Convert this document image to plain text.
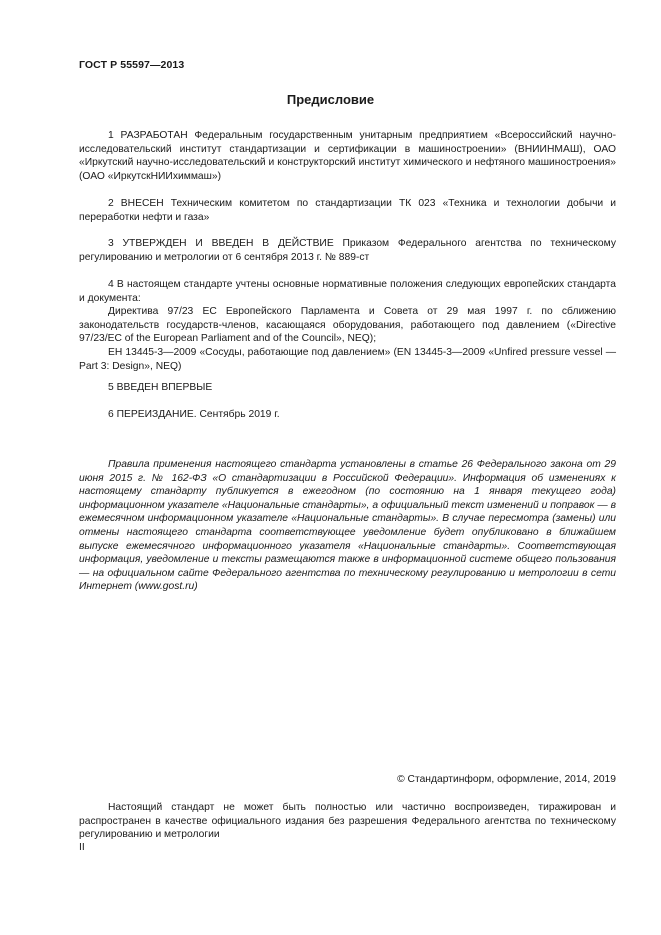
ГОСТ Р 55597—2013
Предисловие

1 РАЗРАБОТАН Федеральным государственным унитарным предприятием «Всероссийский научно-исследовательский институт стандартизации и сертификации в машиностроении» (ВНИИНМАШ), ОАО «Иркутский научно-исследовательский и конструкторский институт химического и нефтяного машиностроения» (ОАО «ИркутскНИИхиммаш»)

2 ВНЕСЕН Техническим комитетом по стандартизации ТК 023 «Техника и технологии добычи и переработки нефти и газа»

3 УТВЕРЖДЕН И ВВЕДЕН В ДЕЙСТВИЕ Приказом Федерального агентства по техническому регулированию и метрологии от 6 сентября 2013 г. № 889-ст

4 В настоящем стандарте учтены основные нормативные положения следующих европейских стандарта и документа:

Директива 97/23 ЕС Европейского Парламента и Совета от 29 мая 1997 г. по сближению законодательств государств-членов, касающаяся оборудования, работающего под давлением («Directive 97/23/EC of the European Parliament and of the Council», NEQ);

ЕН 13445-3—2009 «Сосуды, работающие под давлением» (EN 13445-3—2009 «Unfired pressure vessel — Part 3: Design», NEQ)

5 ВВЕДЕН ВПЕРВЫЕ

6 ПЕРЕИЗДАНИЕ. Сентябрь 2019 г.

Правила применения настоящего стандарта установлены в статье 26 Федерального закона от 29 июня 2015 г. № 162-ФЗ «О стандартизации в Российской Федерации». Информация об изменениях к настоящему стандарту публикуется в ежегодном (по состоянию на 1 января текущего года) информационном указателе «Национальные стандарты», а официальный текст изменений и поправок — в ежемесячном информационном указателе «Национальные стандарты». В случае пересмотра (замены) или отмены настоящего стандарта соответствующее уведомление будет опубликовано в ближайшем выпуске ежемесячного информационного указателя «Национальные стандарты». Соответствующая информация, уведомление и тексты размещаются также в информационной системе общего пользования — на официальном сайте Федерального агентства по техническому регулированию и метрологии в сети Интернет (www.gost.ru)

© Стандартинформ, оформление, 2014, 2019

Настоящий стандарт не может быть полностью или частично воспроизведен, тиражирован и распространен в качестве официального издания без разрешения Федерального агентства по техническому регулированию и метрологии

II
